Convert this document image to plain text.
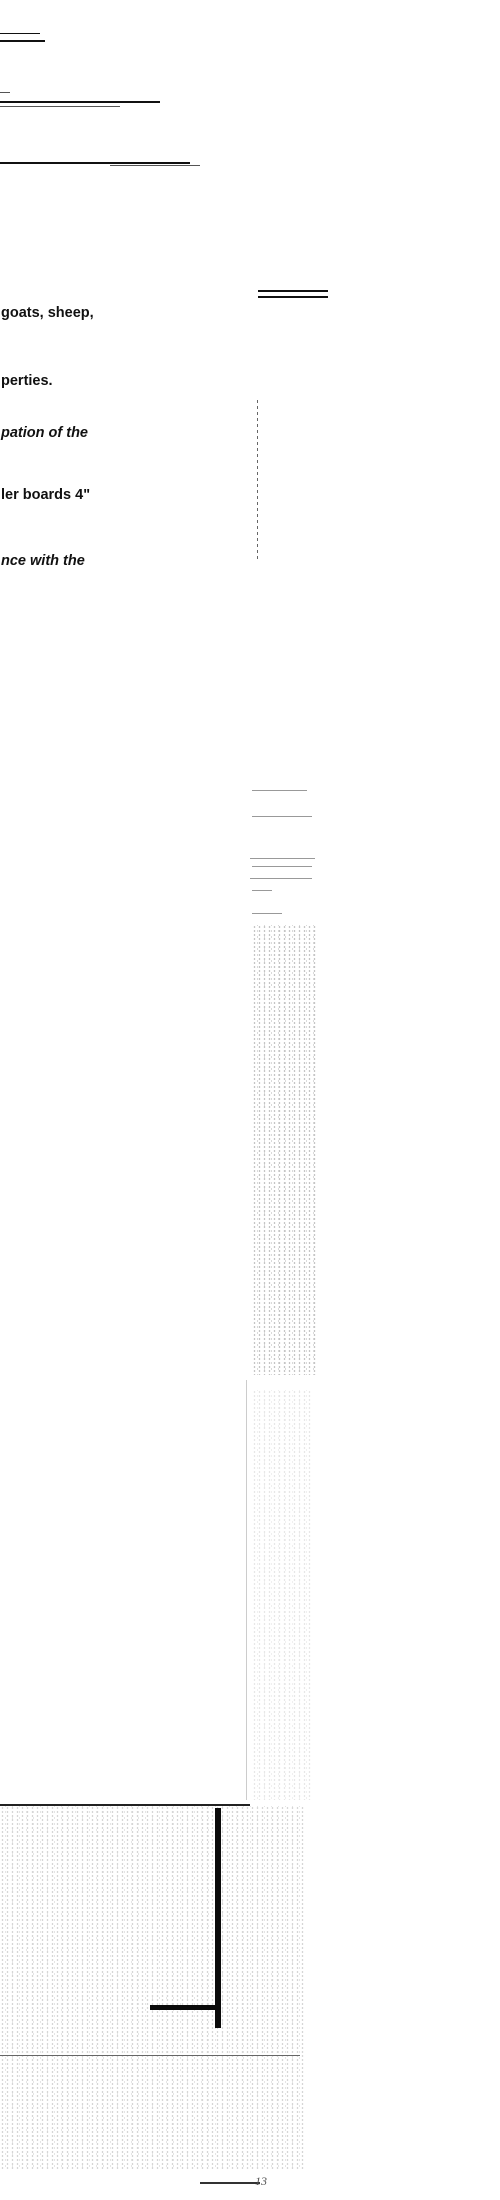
goats, sheep,
perties.
pation of the
ler boards 4"
nce with the
13
